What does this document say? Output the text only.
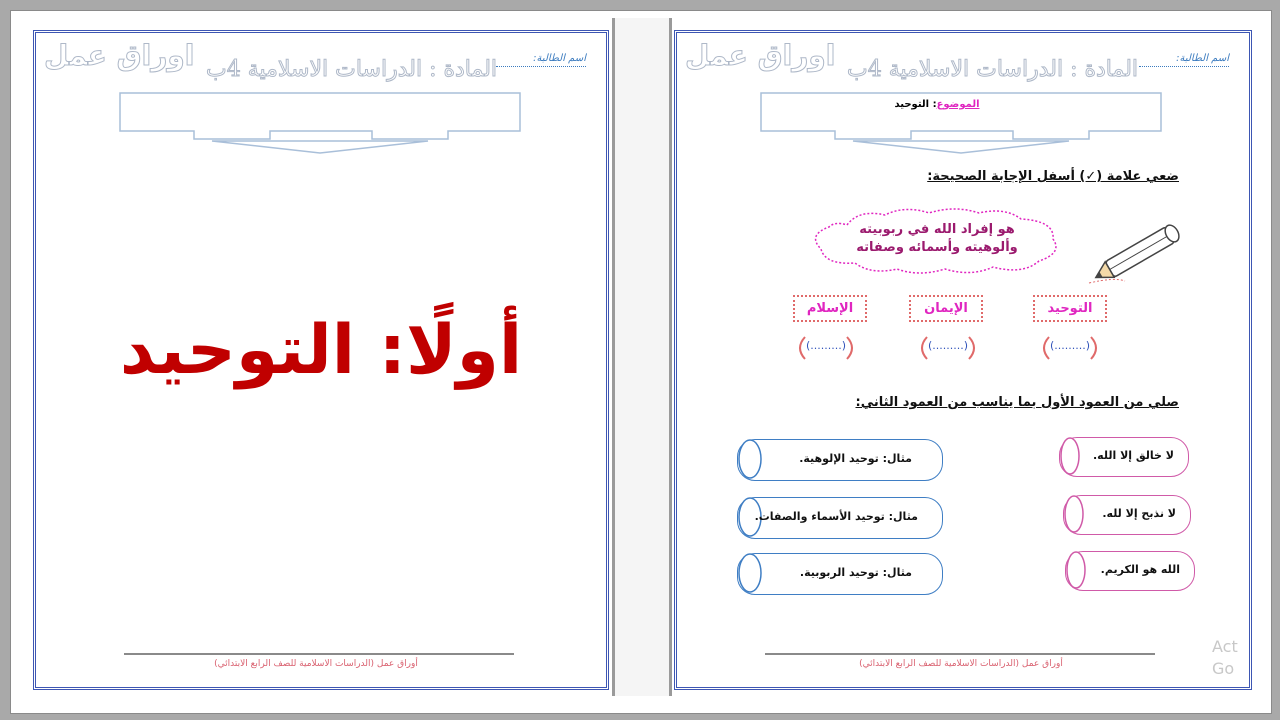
اوراق عمل المادة : الدراسات الاسلامية 4ب	اسم الطالبة:
أولًا: التوحيد
أوراق عمل (الدراسات الاسلامية للصف الرابع الابتدائي)
اوراق عمل المادة : الدراسات الاسلامية 4ب	اسم الطالبة:
الموضوع: التوحيد
ضعي علامة (✓) أسفل الإجابة الصحيحة:
هو إفراد الله في ربوبيته
وألوهيته وأسمائه وصفاته
التوحيد
الإيمان
الإسلام
(.........)
(.........)
(.........)
صلي من العمود الأول بما يناسب من العمود الثاني:
لا خالق إلا الله.
لا نذبح إلا لله.
الله هو الكريم.
مثال: توحيد الإلوهية.
مثال: توحيد الأسماء والصفات.
مثال: توحيد الربوبية.
أوراق عمل (الدراسات الاسلامية للصف الرابع الابتدائي)
Act
Go
